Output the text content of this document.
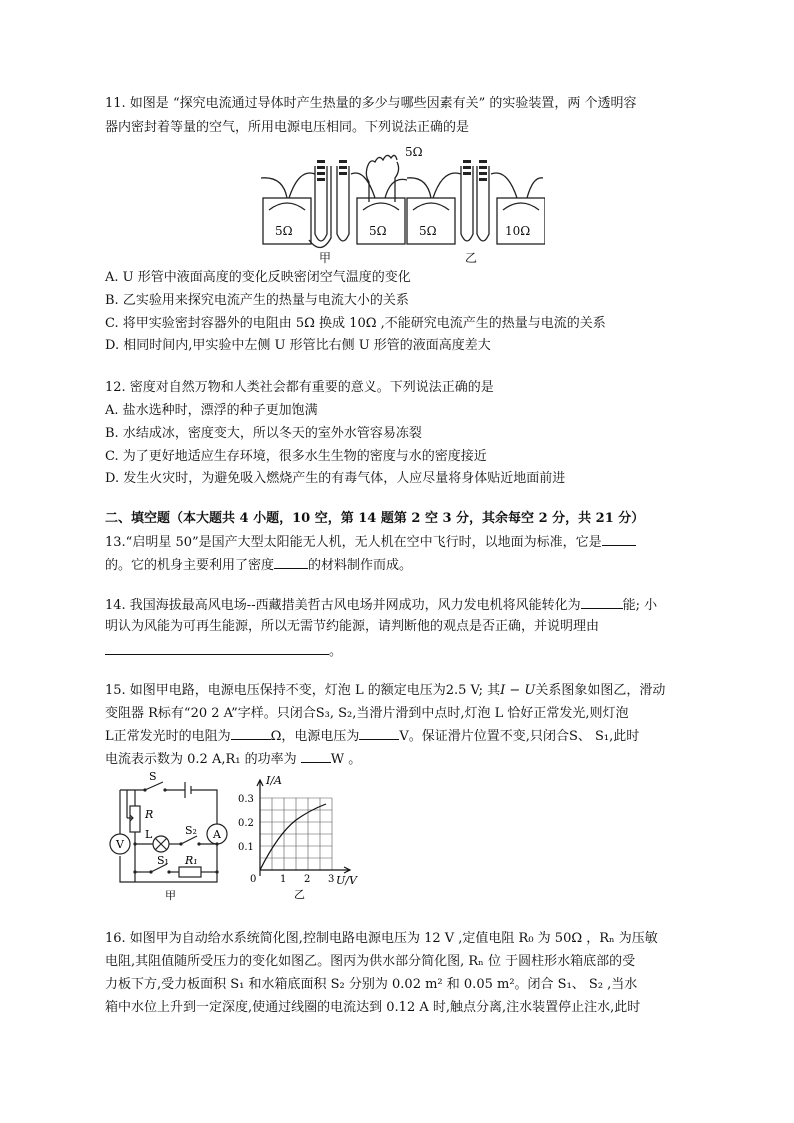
11. 如图是 “探究电流通过导体时产生热量的多少与哪些因素有关” 的实验装置，两 个透明容
器内密封着等量的空气，所用电源电压相同。下列说法正确的是
5Ω
5Ω	5Ω	5Ω	10Ω
甲	乙
A. U 形管中液面高度的变化反映密闭空气温度的变化
B. 乙实验用来探究电流产生的热量与电流大小的关系
C. 将甲实验密封容器外的电阻由 5Ω 换成 10Ω ,不能研究电流产生的热量与电流的关系
D. 相同时间内,甲实验中左侧 U 形管比右侧 U 形管的液面高度差大
12. 密度对自然万物和人类社会都有重要的意义。下列说法正确的是
A. 盐水选种时，漂浮的种子更加饱满
B. 水结成冰，密度变大，所以冬天的室外水管容易冻裂
C. 为了更好地适应生存环境，很多水生生物的密度与水的密度接近
D. 发生火灾时，为避免吸入燃烧产生的有毒气体，人应尽量将身体贴近地面前进
二、填空题（本大题共 4 小题，10 空，第 14 题第 2 空 3 分，其余每空 2 分，共 21 分）
13.“启明星 50”是国产大型太阳能无人机，无人机在空中飞行时，以地面为标准，它是
的。它的机身主要利用了密度	的材料制作而成。
14. 我国海拔最高风电场--西藏措美哲古风电场并网成功，风力发电机将风能转化为	能; 小
明认为风能为可再生能源，所以无需节约能源，请判断他的观点是否正确，并说明理由
。
15. 如图甲电路，电源电压保持不变，灯泡 L 的额定电压为2.5 V; 其I − U关系图象如图乙，滑动
变阻器 R标有“20 2 A”字样。只闭合S₃, S₂,当滑片滑到中点时,灯泡 L 恰好正常发光,则灯泡
L正常发光时的电阻为	Ω，电源电压为	V。保证滑片位置不变,只闭合S、 S₁,此时
电流表示数为 0.2 A,R₁ 的功率为 W 。
S
R
A
V
L	S₂
S₁ R₁
甲
I/A
0.3
0.2
0.1
0 1 2 3 U/V
乙
16. 如图甲为自动给水系统简化图,控制电路电源电压为 12 V ,定值电阻 R₀ 为 50Ω ，Rₙ 为压敏
电阻,其阻值随所受压力的变化如图乙。图丙为供水部分简化图, Rₙ 位 于圆柱形水箱底部的受
力板下方,受力板面积 S₁ 和水箱底面积 S₂ 分别为 0.02 m² 和 0.05 m²。闭合 S₁、 S₂ ,当水
箱中水位上升到一定深度,使通过线圈的电流达到 0.12 A 时,触点分离,注水装置停止注水,此时
